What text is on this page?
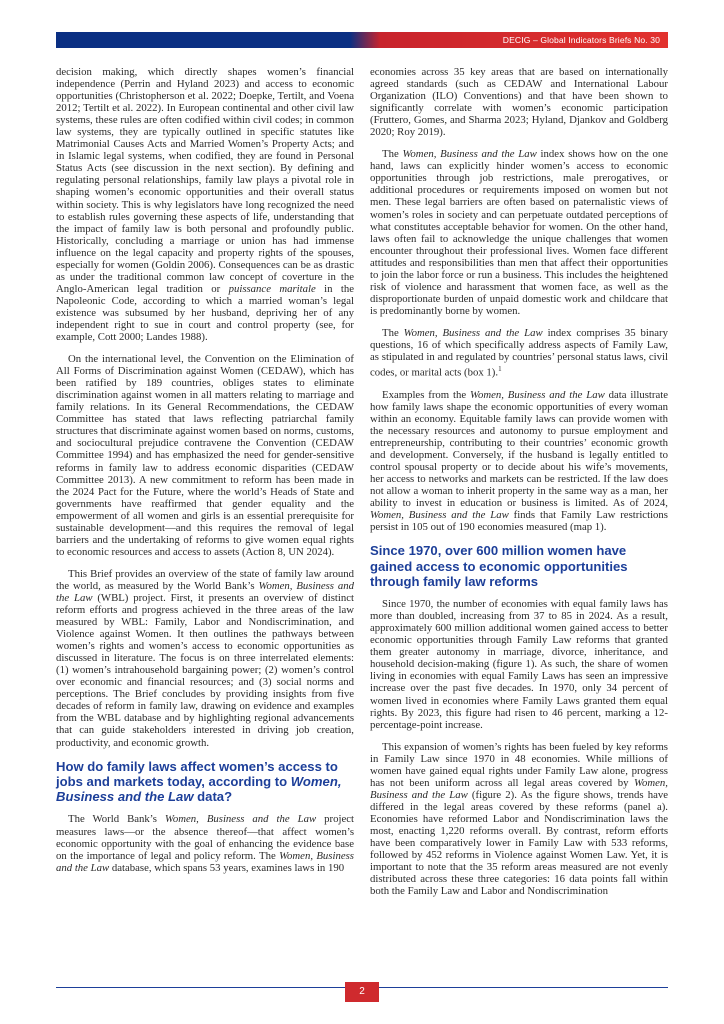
DECIG – Global Indicators Briefs No. 30

decision making, which directly shapes women’s financial independence (Perrin and Hyland 2023) and access to economic opportunities (Christopherson et al. 2022; Doepke, Tertilt, and Voena 2012; Tertilt et al. 2022). In European continental and other civil law systems, these rules are often codified within civil codes; in common law systems, they are typically outlined in specific statutes like Matrimonial Causes Acts and Married Women’s Property Acts; and in Islamic legal systems, when codified, they are found in Personal Status Acts (see discussion in the next section). By defining and regulating personal relationships, family law plays a pivotal role in shaping women’s economic opportunities and their overall status within society. This is why legislators have long recognized the need to establish rules governing these aspects of life, understanding that the impact of family law is both personal and profoundly public. Historically, concluding a marriage or union has had immense influence on the legal capacity and property rights of the spouses, especially for women (Goldin 2006). Consequences can be as drastic as under the traditional common law concept of coverture in the Anglo-American legal tradition or puissance maritale in the Napoleonic Code, according to which a married woman’s legal existence was subsumed by her husband, depriving her of any independent right to sue in court and control property (see, for example, Cott 2000; Landes 1988).

On the international level, the Convention on the Elimination of All Forms of Discrimination against Women (CEDAW), which has been ratified by 189 countries, obliges states to eliminate discrimination against women in all matters relating to marriage and family relations. In its General Recommendations, the CEDAW Committee has stated that laws reflecting patriarchal family structures that discriminate against women based on norms, customs, and sociocultural prejudice contravene the Convention (CEDAW Committee 1994) and has emphasized the need for gender-sensitive reforms in family law to address economic disparities (CEDAW Committee 2013). A new commitment to reform has been made in the 2024 Pact for the Future, where the world’s Heads of State and governments have reaffirmed that gender equality and the empowerment of all women and girls is an essential prerequisite for sustainable development—and this requires the removal of legal barriers and the undertaking of reforms to give women equal rights to economic resources and access to assets (Action 8, UN 2024).

This Brief provides an overview of the state of family law around the world, as measured by the World Bank’s Women, Business and the Law (WBL) project. First, it presents an overview of distinct reform efforts and progress achieved in the three areas of the law measured by WBL: Family, Labor and Nondiscrimination, and Violence against Women. It then outlines the pathways between women’s rights and women’s access to economic opportunities as discussed in literature. The focus is on three interrelated elements: (1) women’s intrahousehold bargaining power; (2) women’s control over economic and financial resources; and (3) social norms and perceptions. The Brief concludes by providing insights from five decades of reform in family law, drawing on evidence and examples from the WBL database and by highlighting regional advancements that can guide stakeholders interested in driving job creation, productivity, and economic growth.

How do family laws affect women’s access to jobs and markets today, according to Women, Business and the Law data?

The World Bank’s Women, Business and the Law project measures laws—or the absence thereof—that affect women’s economic opportunity with the goal of enhancing the evidence base on the importance of legal and policy reform. The Women, Business and the Law database, which spans 53 years, examines laws in 190

economies across 35 key areas that are based on internationally agreed standards (such as CEDAW and International Labour Organization (ILO) Conventions) and that have been shown to significantly correlate with women’s economic participation (Fruttero, Gomes, and Sharma 2023; Hyland, Djankov and Goldberg 2020; Roy 2019).

The Women, Business and the Law index shows how on the one hand, laws can explicitly hinder women’s access to economic opportunities through job restrictions, male prerogatives, or additional procedures or requirements imposed on women but not men. These legal barriers are often based on paternalistic views of women’s roles in society and can perpetuate outdated perceptions of what constitutes acceptable behavior for women. On the other hand, laws often fail to acknowledge the unique challenges that women encounter throughout their professional lives. Women face different attitudes and responsibilities than men that affect their opportunities to join the labor force or run a business. This includes the heightened risk of violence and harassment that women face, as well as the disproportionate burden of unpaid domestic work and childcare that is predominantly borne by women.

The Women, Business and the Law index comprises 35 binary questions, 16 of which specifically address aspects of Family Law, as stipulated in and regulated by countries’ personal status laws, civil codes, or marital acts (box 1).$^1$

Examples from the Women, Business and the Law data illustrate how family laws shape the economic opportunities of every woman within an economy. Equitable family laws can provide women with the necessary resources and autonomy to pursue employment and entrepreneurship, contributing to their countries’ economic growth and development. Conversely, if the husband is legally entitled to control spousal property or to decide about his wife’s movements, her access to networks and markets can be restricted. If the law does not allow a woman to inherit property in the same way as a man, her ability to invest in education or business is limited. As of 2024, Women, Business and the Law finds that Family Law restrictions persist in 105 out of 190 economies measured (map 1).

Since 1970, over 600 million women have gained access to economic opportunities through family law reforms

Since 1970, the number of economies with equal family laws has more than doubled, increasing from 37 to 85 in 2024. As a result, approximately 600 million additional women gained access to better economic opportunities through Family Law reforms that granted them greater autonomy in marriage, divorce, inheritance, and household decision-making (figure 1). As such, the share of women living in economies with equal Family Laws has seen an impressive increase over the past five decades. In 1970, only 34 percent of women lived in economies where Family Laws granted them equal rights. By 2023, this figure had risen to 46 percent, marking a 12-percentage-point increase.

This expansion of women’s rights has been fueled by key reforms in Family Law since 1970 in 48 economies. While millions of women have gained equal rights under Family Law alone, progress has not been uniform across all legal areas covered by Women, Business and the Law (figure 2). As the figure shows, trends have differed in the legal areas covered by these reforms (panel a). Economies have reformed Labor and Nondiscrimination laws the most, enacting 1,220 reforms overall. By contrast, reform efforts have been comparatively lower in Family Law with 533 reforms, followed by 452 reforms in Violence against Women Law. Yet, it is important to note that the 35 reform areas measured are not evenly distributed across these three categories: 16 data points fall within both the Family Law and Labor and Nondiscrimination

2
